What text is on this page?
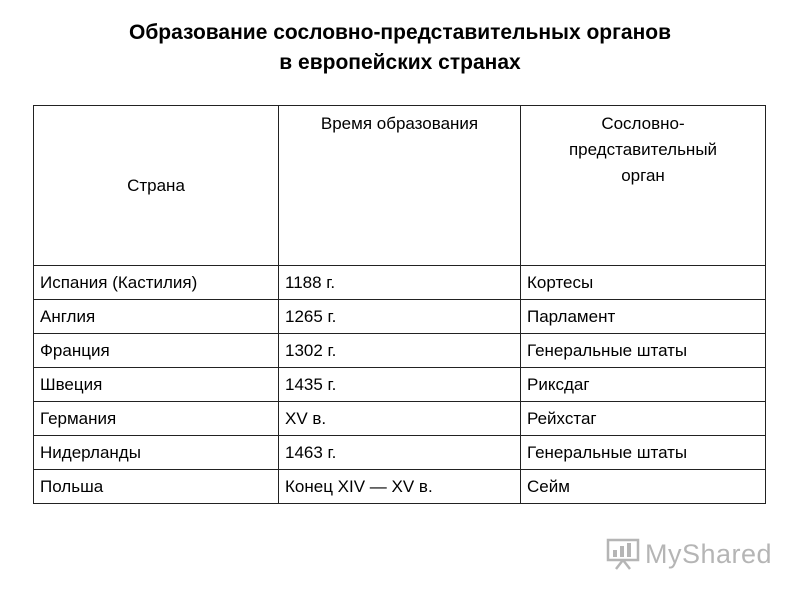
Образование сословно-представительных органов
в европейских странах
Страна	Время образования	Сословно-
представительный
орган
Испания (Кастилия)	1188 г.	Кортесы
Англия	1265 г.	Парламент
Франция	1302 г.	Генеральные штаты
Швеция	1435 г.	Риксдаг
Германия	XV в.	Рейхстаг
Нидерланды	1463 г.	Генеральные штаты
Польша	Конец XIV — XV в.	Сейм
MyShared
